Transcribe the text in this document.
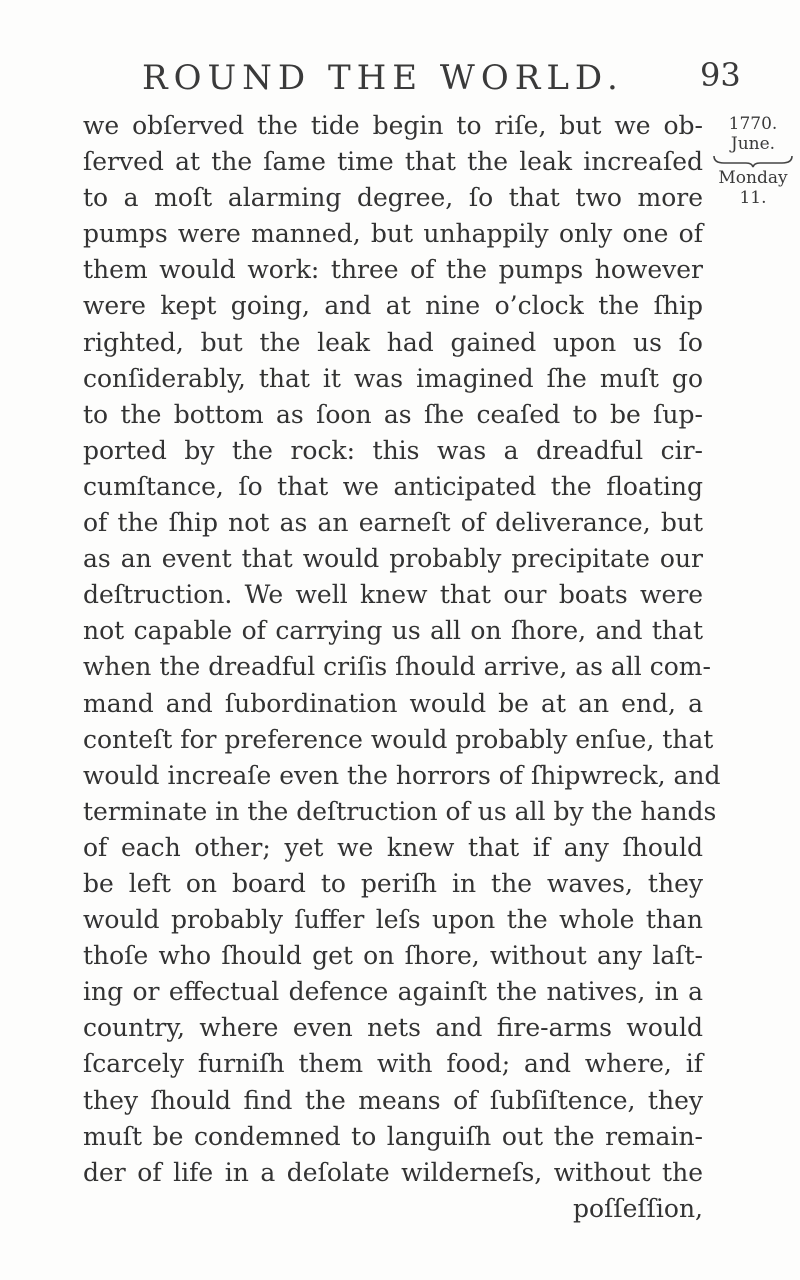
ROUND THE WORLD. 93
1770.
June.
Monday 11.
we obſerved the tide begin to riſe, but we ob-
ſerved at the ſame time that the leak increaſed
to a moſt alarming degree, ſo that two more
pumps were manned, but unhappily only one of
them would work: three of the pumps however
were kept going, and at nine o’clock the ſhip
righted, but the leak had gained upon us ſo
conſiderably, that it was imagined ſhe muſt go
to the bottom as ſoon as ſhe ceaſed to be ſup-
ported by the rock: this was a dreadful cir-
cumſtance, ſo that we anticipated the floating
of the ſhip not as an earneſt of deliverance, but
as an event that would probably precipitate our
deſtruction. We well knew that our boats were
not capable of carrying us all on ſhore, and that
when the dreadful criſis ſhould arrive, as all com-
mand and ſubordination would be at an end, a
conteſt for preference would probably enſue, that
would increaſe even the horrors of ſhipwreck, and
terminate in the deſtruction of us all by the hands
of each other; yet we knew that if any ſhould
be left on board to periſh in the waves, they
would probably ſuffer leſs upon the whole than
thoſe who ſhould get on ſhore, without any laſt-
ing or effectual defence againſt the natives, in a
country, where even nets and fire-arms would
ſcarcely furniſh them with food; and where, if
they ſhould find the means of ſubſiſtence, they
muſt be condemned to languiſh out the remain-
der of life in a deſolate wilderneſs, without the
poſſeſſion,
